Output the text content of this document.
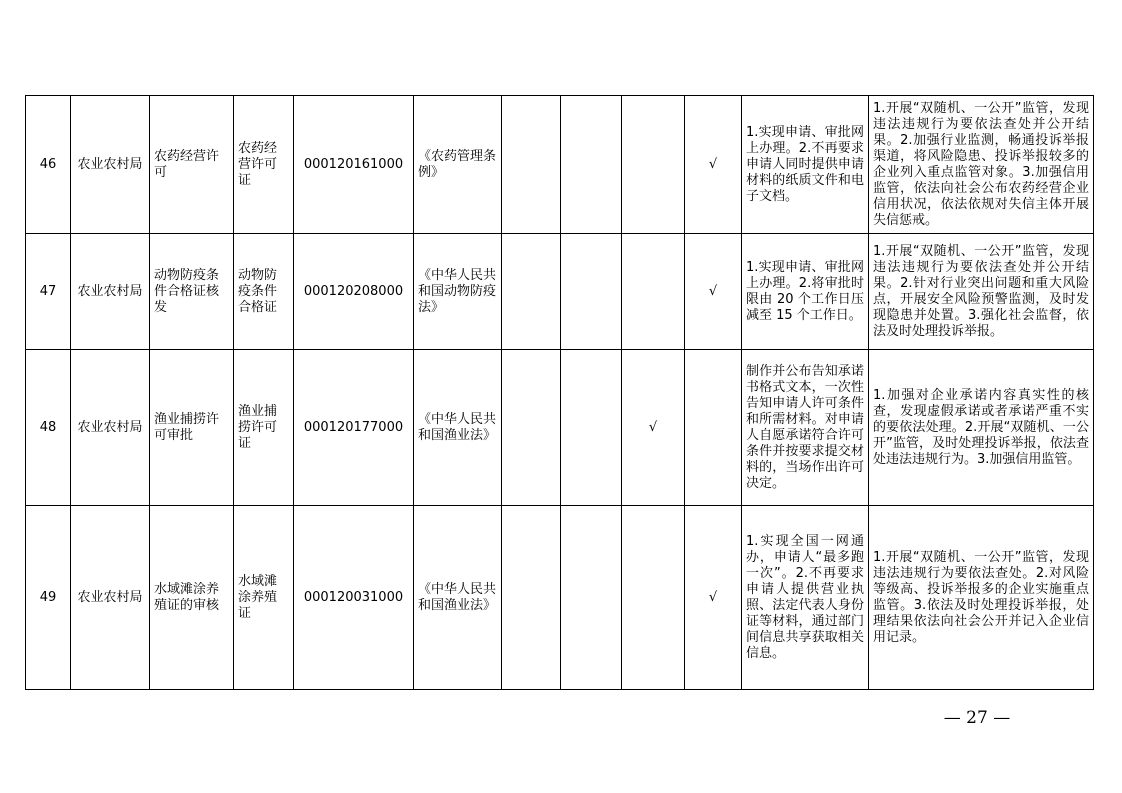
46	农业农村局	农药经营许可	农药经营许可证	000120161000	《农药管理条例》				√	1.实现申请、审批网上办理。2.不再要求申请人同时提供申请材料的纸质文件和电子文档。	1.开展“双随机、一公开”监管，发现违法违规行为要依法查处并公开结果。2.加强行业监测，畅通投诉举报渠道，将风险隐患、投诉举报较多的企业列入重点监管对象。3.加强信用监管，依法向社会公布农药经营企业信用状况，依法依规对失信主体开展失信惩戒。
47	农业农村局	动物防疫条件合格证核发	动物防疫条件合格证	000120208000	《中华人民共和国动物防疫法》				√	1.实现申请、审批网上办理。2.将审批时限由 20 个工作日压减至 15 个工作日。	1.开展“双随机、一公开”监管，发现违法违规行为要依法查处并公开结果。2.针对行业突出问题和重大风险点，开展安全风险预警监测，及时发现隐患并处置。3.强化社会监督，依法及时处理投诉举报。
48	农业农村局	渔业捕捞许可审批	渔业捕捞许可证	000120177000	《中华人民共和国渔业法》			√		制作并公布告知承诺书格式文本，一次性告知申请人许可条件和所需材料。对申请人自愿承诺符合许可条件并按要求提交材料的，当场作出许可决定。	1.加强对企业承诺内容真实性的核查，发现虚假承诺或者承诺严重不实的要依法处理。2.开展“双随机、一公开”监管，及时处理投诉举报，依法查处违法违规行为。3.加强信用监管。
49	农业农村局	水域滩涂养殖证的审核	水域滩涂养殖证	000120031000	《中华人民共和国渔业法》				√	1.实现全国一网通办，申请人“最多跑一次”。2.不再要求申请人提供营业执照、法定代表人身份证等材料，通过部门间信息共享获取相关信息。	1.开展“双随机、一公开”监管，发现违法违规行为要依法查处。2.对风险等级高、投诉举报多的企业实施重点监管。3.依法及时处理投诉举报，处理结果依法向社会公开并记入企业信用记录。
— 27 —
